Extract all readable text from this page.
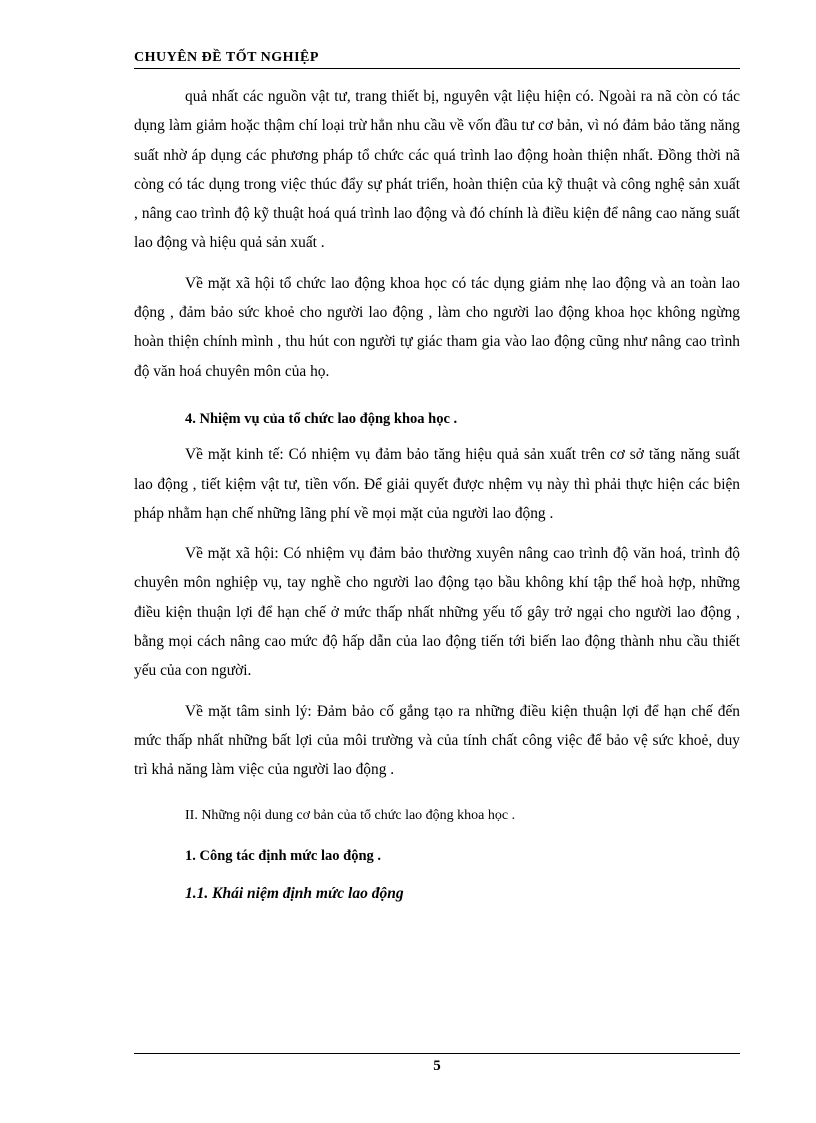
CHUYÊN ĐỀ TỐT NGHIỆP

quả nhất các nguồn vật tư, trang thiết bị, nguyên vật liệu hiện có. Ngoài ra nã còn có tác dụng làm giảm hoặc thậm chí loại trừ hẳn nhu cầu về vốn đầu tư cơ bản, vì nó đảm bảo tăng năng suất nhờ áp dụng các phương pháp tổ chức các quá trình lao động hoàn thiện nhất. Đồng thời nã còng có tác dụng trong việc thúc đẩy sự phát triển, hoàn thiện của kỹ thuật và công nghệ sản xuất , nâng cao trình độ kỹ thuật hoá quá trình lao động và đó chính là điều kiện để nâng cao năng suất lao động và hiệu quả sản xuất .

Về mặt xã hội tổ chức lao động khoa học có tác dụng giảm nhẹ lao động và an toàn lao động , đảm bảo sức khoẻ cho người lao động , làm cho người lao động khoa học không ngừng hoàn thiện chính mình , thu hút con người tự giác tham gia vào lao động cũng như nâng cao trình độ văn hoá chuyên môn của họ.

4. Nhiệm vụ của tổ chức lao động khoa học .

Về mặt kinh tế: Có nhiệm vụ đảm bảo tăng hiệu quả sản xuất trên cơ sở tăng năng suất lao động , tiết kiệm vật tư, tiền vốn. Để giải quyết được nhệm vụ này thì phải thực hiện các biện pháp nhằm hạn chế những lãng phí về mọi mặt của người lao động .

Về mặt xã hội: Có nhiệm vụ đảm bảo thường xuyên nâng cao trình độ văn hoá, trình độ chuyên môn nghiệp vụ, tay nghề cho người lao động tạo bầu không khí tập thể hoà hợp, những điều kiện thuận lợi để hạn chế ở mức thấp nhất những yếu tố gây trở ngại cho người lao động , bằng mọi cách nâng cao mức độ hấp dẫn của lao động tiến tới biến lao động thành nhu cầu thiết yếu của con người.

Về mặt tâm sinh lý: Đảm bảo cố gắng tạo ra những điều kiện thuận lợi để hạn chế đến mức thấp nhất những bất lợi của môi trường và của tính chất công việc để bảo vệ sức khoẻ, duy trì khả năng làm việc của người lao động .

II. Những nội dung cơ bản của tổ chức lao động khoa học .

1. Công tác định mức lao động .

1.1. Khái niệm định mức lao động

5
